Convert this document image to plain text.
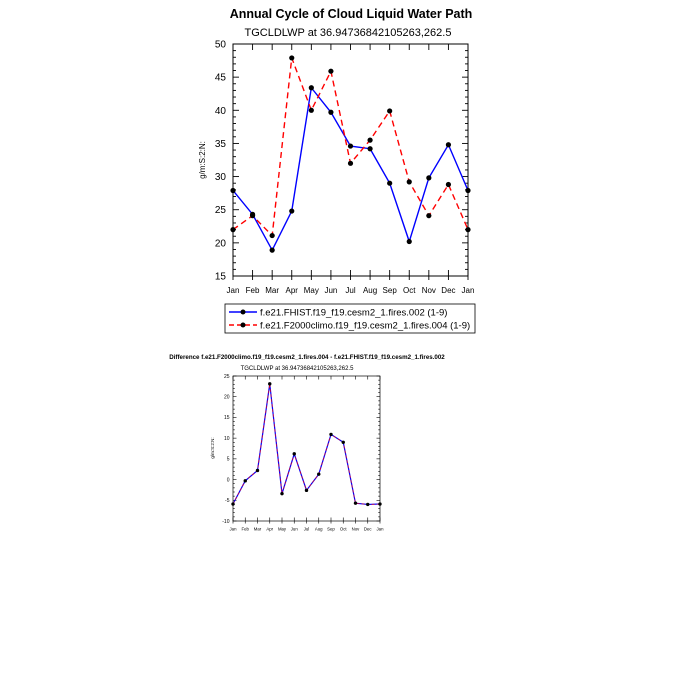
Annual Cycle of Cloud Liquid Water Path
TGCLDLWP at 36.94736842105263,262.5
g/m:S:2:N:
15
20
25
30
35
40
45
50
Jan Feb Mar Apr May Jun Jul Aug Sep Oct Nov Dec Jan
f.e21.FHIST.f19_f19.cesm2_1.fires.002 (1-9)
f.e21.F2000climo.f19_f19.cesm2_1.fires.004 (1-9)
Difference f.e21.F2000climo.f19_f19.cesm2_1.fires.004 - f.e21.FHIST.f19_f19.cesm2_1.fires.002
TGCLDLWP at 36.94736842105263,262.5
g/m:S:2:N:
-10
-5
0
5
10
15
20
25
Jan Feb Mar Apr May Jun Jul Aug Sep Oct Nov Dec Jan
